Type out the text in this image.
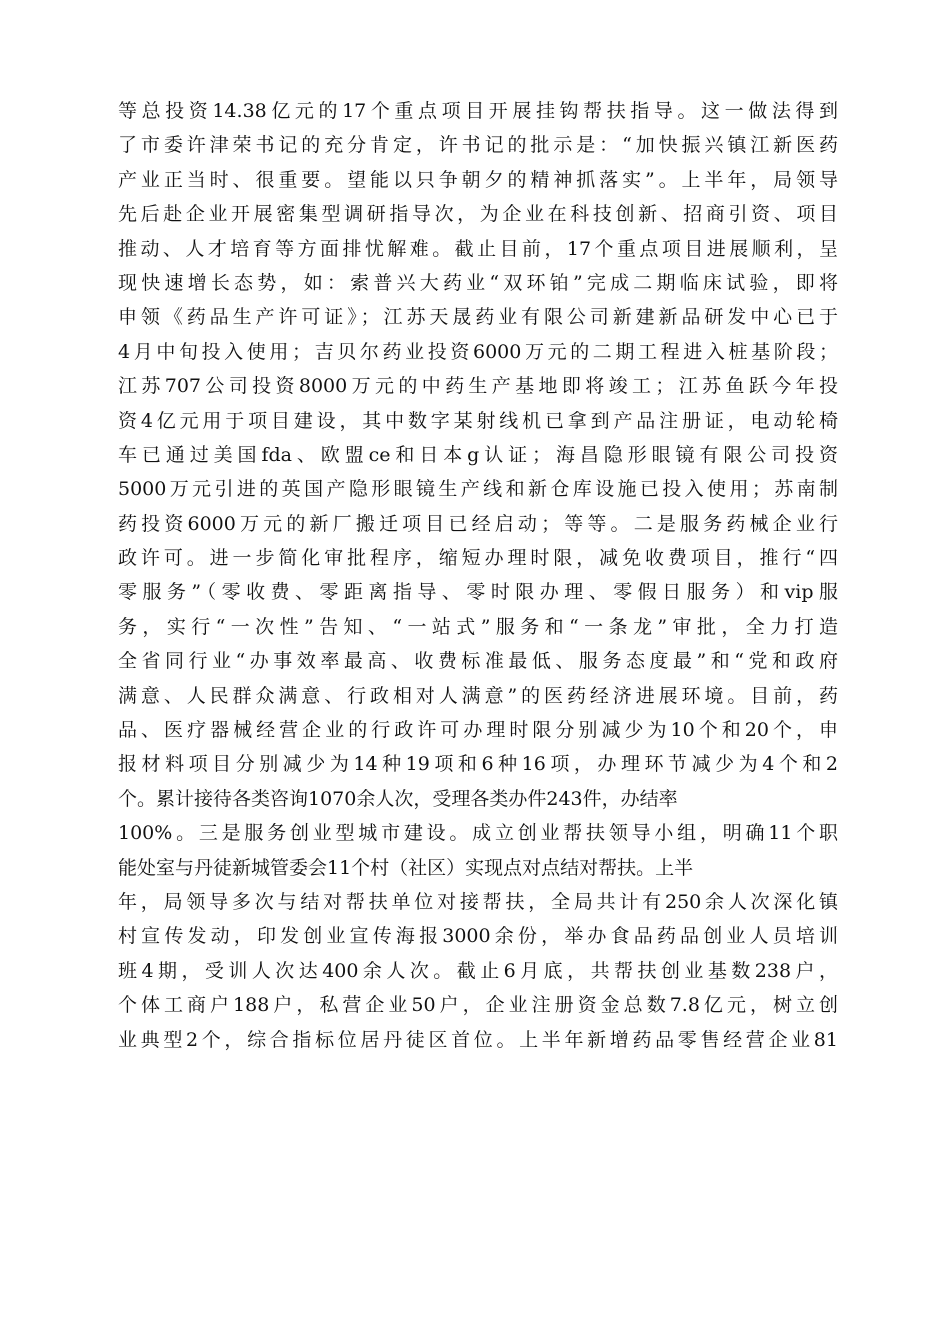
等总投资14.38亿元的17个重点项目开展挂钩帮扶指导。这一做法得到
了市委许津荣书记的充分肯定，许书记的批示是：“加快振兴镇江新医药
产业正当时、很重要。望能以只争朝夕的精神抓落实”。上半年，局领导
先后赴企业开展密集型调研指导次，为企业在科技创新、招商引资、项目
推动、人才培育等方面排忧解难。截止目前，17个重点项目进展顺利，呈
现快速增长态势，如：索普兴大药业“双环铂”完成二期临床试验，即将
申领《药品生产许可证》；江苏天晟药业有限公司新建新品研发中心已于
4月中旬投入使用；吉贝尔药业投资6000万元的二期工程进入桩基阶段；
江苏707公司投资8000万元的中药生产基地即将竣工；江苏鱼跃今年投
资4亿元用于项目建设，其中数字某射线机已拿到产品注册证，电动轮椅
车已通过美国fda、欧盟ce和日本g认证；海昌隐形眼镜有限公司投资
5000万元引进的英国产隐形眼镜生产线和新仓库设施已投入使用；苏南制
药投资6000万元的新厂搬迁项目已经启动；等等。二是服务药械企业行
政许可。进一步简化审批程序，缩短办理时限，减免收费项目，推行“四
零服务”（零收费、零距离指导、零时限办理、零假日服务）和vip服
务，实行“一次性”告知、“一站式”服务和“一条龙”审批，全力打造
全省同行业“办事效率最高、收费标准最低、服务态度最”和“党和政府
满意、人民群众满意、行政相对人满意”的医药经济进展环境。目前，药
品、医疗器械经营企业的行政许可办理时限分别减少为10个和20个，申
报材料项目分别减少为14种19项和6种16项，办理环节减少为4个和2
个。累计接待各类咨询1070余人次，受理各类办件243件，办结率
100%。三是服务创业型城市建设。成立创业帮扶领导小组，明确11个职
能处室与丹徒新城管委会11个村（社区）实现点对点结对帮扶。上半
年，局领导多次与结对帮扶单位对接帮扶，全局共计有250余人次深化镇
村宣传发动，印发创业宣传海报3000余份，举办食品药品创业人员培训
班4期，受训人次达400余人次。截止6月底，共帮扶创业基数238户，
个体工商户188户，私营企业50户，企业注册资金总数7.8亿元，树立创
业典型2个，综合指标位居丹徒区首位。上半年新增药品零售经营企业81
